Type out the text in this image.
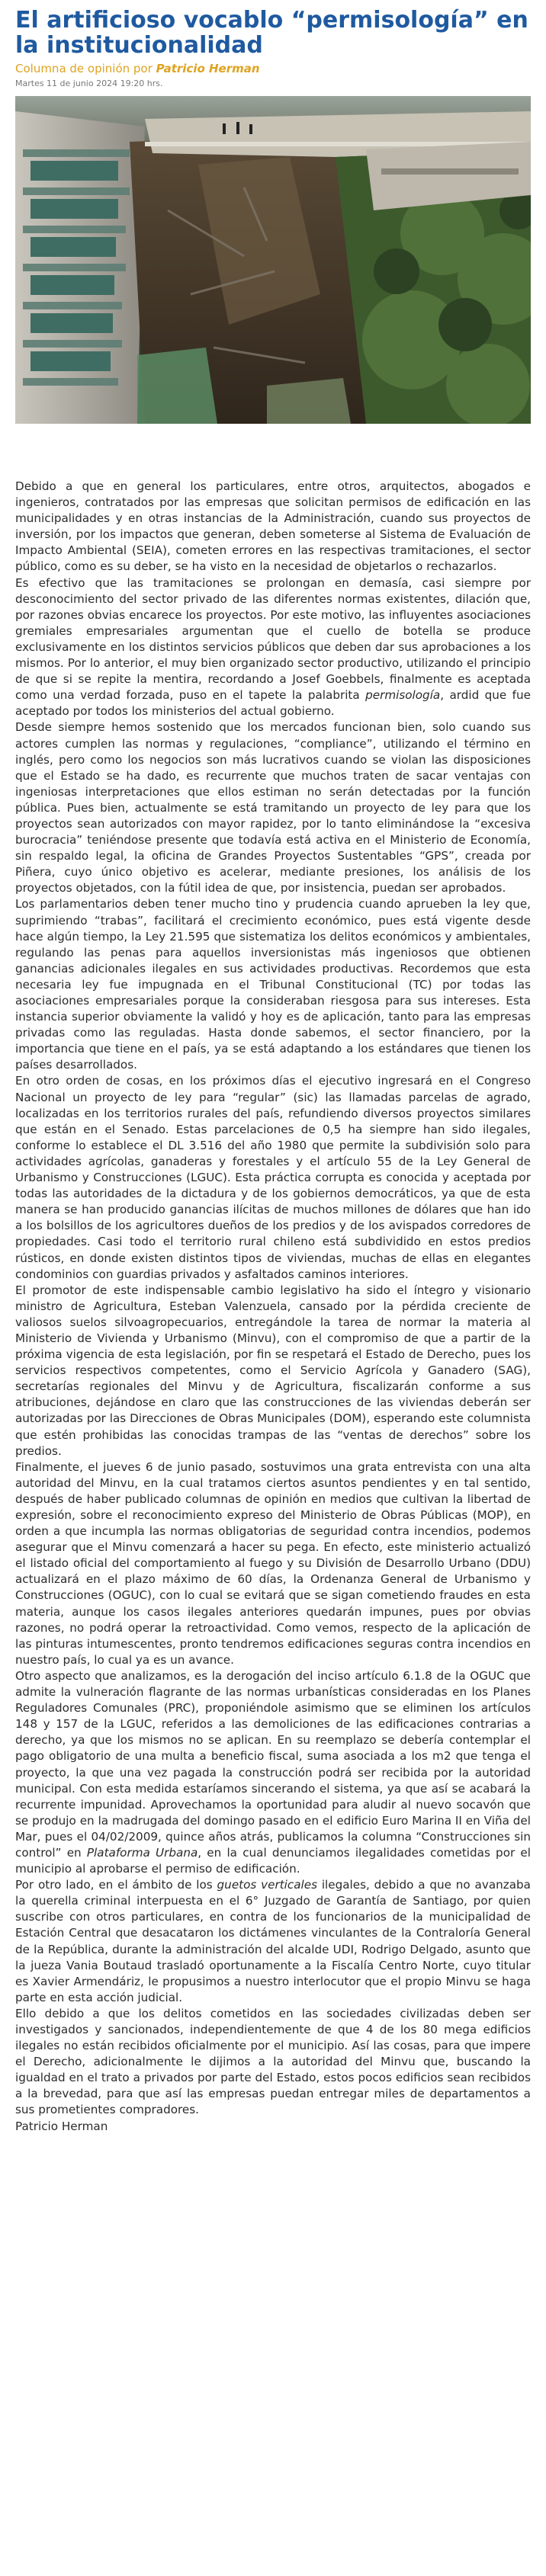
El artificioso vocablo “permisología” en la institucionalidad
Columna de opinión por Patricio Herman
Martes 11 de junio 2024 19:20 hrs.

Debido a que en general los particulares, entre otros, arquitectos, abogados e ingenieros, contratados por las empresas que solicitan permisos de edificación en las municipalidades y en otras instancias de la Administración, cuando sus proyectos de inversión, por los impactos que generan, deben someterse al Sistema de Evaluación de Impacto Ambiental (SEIA), cometen errores en las respectivas tramitaciones, el sector público, como es su deber, se ha visto en la necesidad de objetarlos o rechazarlos.

Es efectivo que las tramitaciones se prolongan en demasía, casi siempre por desconocimiento del sector privado de las diferentes normas existentes, dilación que, por razones obvias encarece los proyectos. Por este motivo, las influyentes asociaciones gremiales empresariales argumentan que el cuello de botella se produce exclusivamente en los distintos servicios públicos que deben dar sus aprobaciones a los mismos. Por lo anterior, el muy bien organizado sector productivo, utilizando el principio de que si se repite la mentira, recordando a Josef Goebbels, finalmente es aceptada como una verdad forzada, puso en el tapete la palabrita permisología, ardid que fue aceptado por todos los ministerios del actual gobierno.

Desde siempre hemos sostenido que los mercados funcionan bien, solo cuando sus actores cumplen las normas y regulaciones, “compliance”, utilizando el término en inglés, pero como los negocios son más lucrativos cuando se violan las disposiciones que el Estado se ha dado, es recurrente que muchos traten de sacar ventajas con ingeniosas interpretaciones que ellos estiman no serán detectadas por la función pública. Pues bien, actualmente se está tramitando un proyecto de ley para que los proyectos sean autorizados con mayor rapidez, por lo tanto eliminándose la “excesiva burocracia” teniéndose presente que todavía está activa en el Ministerio de Economía, sin respaldo legal, la oficina de Grandes Proyectos Sustentables “GPS”, creada por Piñera, cuyo único objetivo es acelerar, mediante presiones, los análisis de los proyectos objetados, con la fútil idea de que, por insistencia, puedan ser aprobados.

Los parlamentarios deben tener mucho tino y prudencia cuando aprueben la ley que, suprimiendo “trabas”, facilitará el crecimiento económico, pues está vigente desde hace algún tiempo, la Ley 21.595 que sistematiza los delitos económicos y ambientales, regulando las penas para aquellos inversionistas más ingeniosos que obtienen ganancias adicionales ilegales en sus actividades productivas. Recordemos que esta necesaria ley fue impugnada en el Tribunal Constitucional (TC) por todas las asociaciones empresariales porque la consideraban riesgosa para sus intereses. Esta instancia superior obviamente la validó y hoy es de aplicación, tanto para las empresas privadas como las reguladas. Hasta donde sabemos, el sector financiero, por la importancia que tiene en el país, ya se está adaptando a los estándares que tienen los países desarrollados.

En otro orden de cosas, en los próximos días el ejecutivo ingresará en el Congreso Nacional un proyecto de ley para “regular” (sic) las llamadas parcelas de agrado, localizadas en los territorios rurales del país, refundiendo diversos proyectos similares que están en el Senado. Estas parcelaciones de 0,5 ha siempre han sido ilegales, conforme lo establece el DL 3.516 del año 1980 que permite la subdivisión solo para actividades agrícolas, ganaderas y forestales y el artículo 55 de la Ley General de Urbanismo y Construcciones (LGUC). Esta práctica corrupta es conocida y aceptada por todas las autoridades de la dictadura y de los gobiernos democráticos, ya que de esta manera se han producido ganancias ilícitas de muchos millones de dólares que han ido a los bolsillos de los agricultores dueños de los predios y de los avispados corredores de propiedades. Casi todo el territorio rural chileno está subdividido en estos predios rústicos, en donde existen distintos tipos de viviendas, muchas de ellas en elegantes condominios con guardias privados y asfaltados caminos interiores.

El promotor de este indispensable cambio legislativo ha sido el íntegro y visionario ministro de Agricultura, Esteban Valenzuela, cansado por la pérdida creciente de valiosos suelos silvoagropecuarios, entregándole la tarea de normar la materia al Ministerio de Vivienda y Urbanismo (Minvu), con el compromiso de que a partir de la próxima vigencia de esta legislación, por fin se respetará el Estado de Derecho, pues los servicios respectivos competentes, como el Servicio Agrícola y Ganadero (SAG), secretarías regionales del Minvu y de Agricultura, fiscalizarán conforme a sus atribuciones, dejándose en claro que las construcciones de las viviendas deberán ser autorizadas por las Direcciones de Obras Municipales (DOM), esperando este columnista que estén prohibidas las conocidas trampas de las “ventas de derechos” sobre los predios.

Finalmente, el jueves 6 de junio pasado, sostuvimos una grata entrevista con una alta autoridad del Minvu, en la cual tratamos ciertos asuntos pendientes y en tal sentido, después de haber publicado columnas de opinión en medios que cultivan la libertad de expresión, sobre el reconocimiento expreso del Ministerio de Obras Públicas (MOP), en orden a que incumpla las normas obligatorias de seguridad contra incendios, podemos asegurar que el Minvu comenzará a hacer su pega. En efecto, este ministerio actualizó el listado oficial del comportamiento al fuego y su División de Desarrollo Urbano (DDU) actualizará en el plazo máximo de 60 días, la Ordenanza General de Urbanismo y Construcciones (OGUC), con lo cual se evitará que se sigan cometiendo fraudes en esta materia, aunque los casos ilegales anteriores quedarán impunes, pues por obvias razones, no podrá operar la retroactividad. Como vemos, respecto de la aplicación de las pinturas intumescentes, pronto tendremos edificaciones seguras contra incendios en nuestro país, lo cual ya es un avance.

Otro aspecto que analizamos, es la derogación del inciso artículo 6.1.8 de la OGUC que admite la vulneración flagrante de las normas urbanísticas consideradas en los Planes Reguladores Comunales (PRC), proponiéndole asimismo que se eliminen los artículos 148 y 157 de la LGUC, referidos a las demoliciones de las edificaciones contrarias a derecho, ya que los mismos no se aplican. En su reemplazo se debería contemplar el pago obligatorio de una multa a beneficio fiscal, suma asociada a los m2 que tenga el proyecto, la que una vez pagada la construcción podrá ser recibida por la autoridad municipal. Con esta medida estaríamos sincerando el sistema, ya que así se acabará la recurrente impunidad. Aprovechamos la oportunidad para aludir al nuevo socavón que se produjo en la madrugada del domingo pasado en el edificio Euro Marina II en Viña del Mar, pues el 04/02/2009, quince años atrás, publicamos la columna “Construcciones sin control” en Plataforma Urbana, en la cual denunciamos ilegalidades cometidas por el municipio al aprobarse el permiso de edificación.

Por otro lado, en el ámbito de los guetos verticales ilegales, debido a que no avanzaba la querella criminal interpuesta en el 6° Juzgado de Garantía de Santiago, por quien suscribe con otros particulares, en contra de los funcionarios de la municipalidad de Estación Central que desacataron los dictámenes vinculantes de la Contraloría General de la República, durante la administración del alcalde UDI, Rodrigo Delgado, asunto que la jueza Vania Boutaud trasladó oportunamente a la Fiscalía Centro Norte, cuyo titular es Xavier Armendáriz, le propusimos a nuestro interlocutor que el propio Minvu se haga parte en esta acción judicial.

Ello debido a que los delitos cometidos en las sociedades civilizadas deben ser investigados y sancionados, independientemente de que 4 de los 80 mega edificios ilegales no están recibidos oficialmente por el municipio. Así las cosas, para que impere el Derecho, adicionalmente le dijimos a la autoridad del Minvu que, buscando la igualdad en el trato a privados por parte del Estado, estos pocos edificios sean recibidos a la brevedad, para que así las empresas puedan entregar miles de departamentos a sus prometientes compradores.

Patricio Herman
